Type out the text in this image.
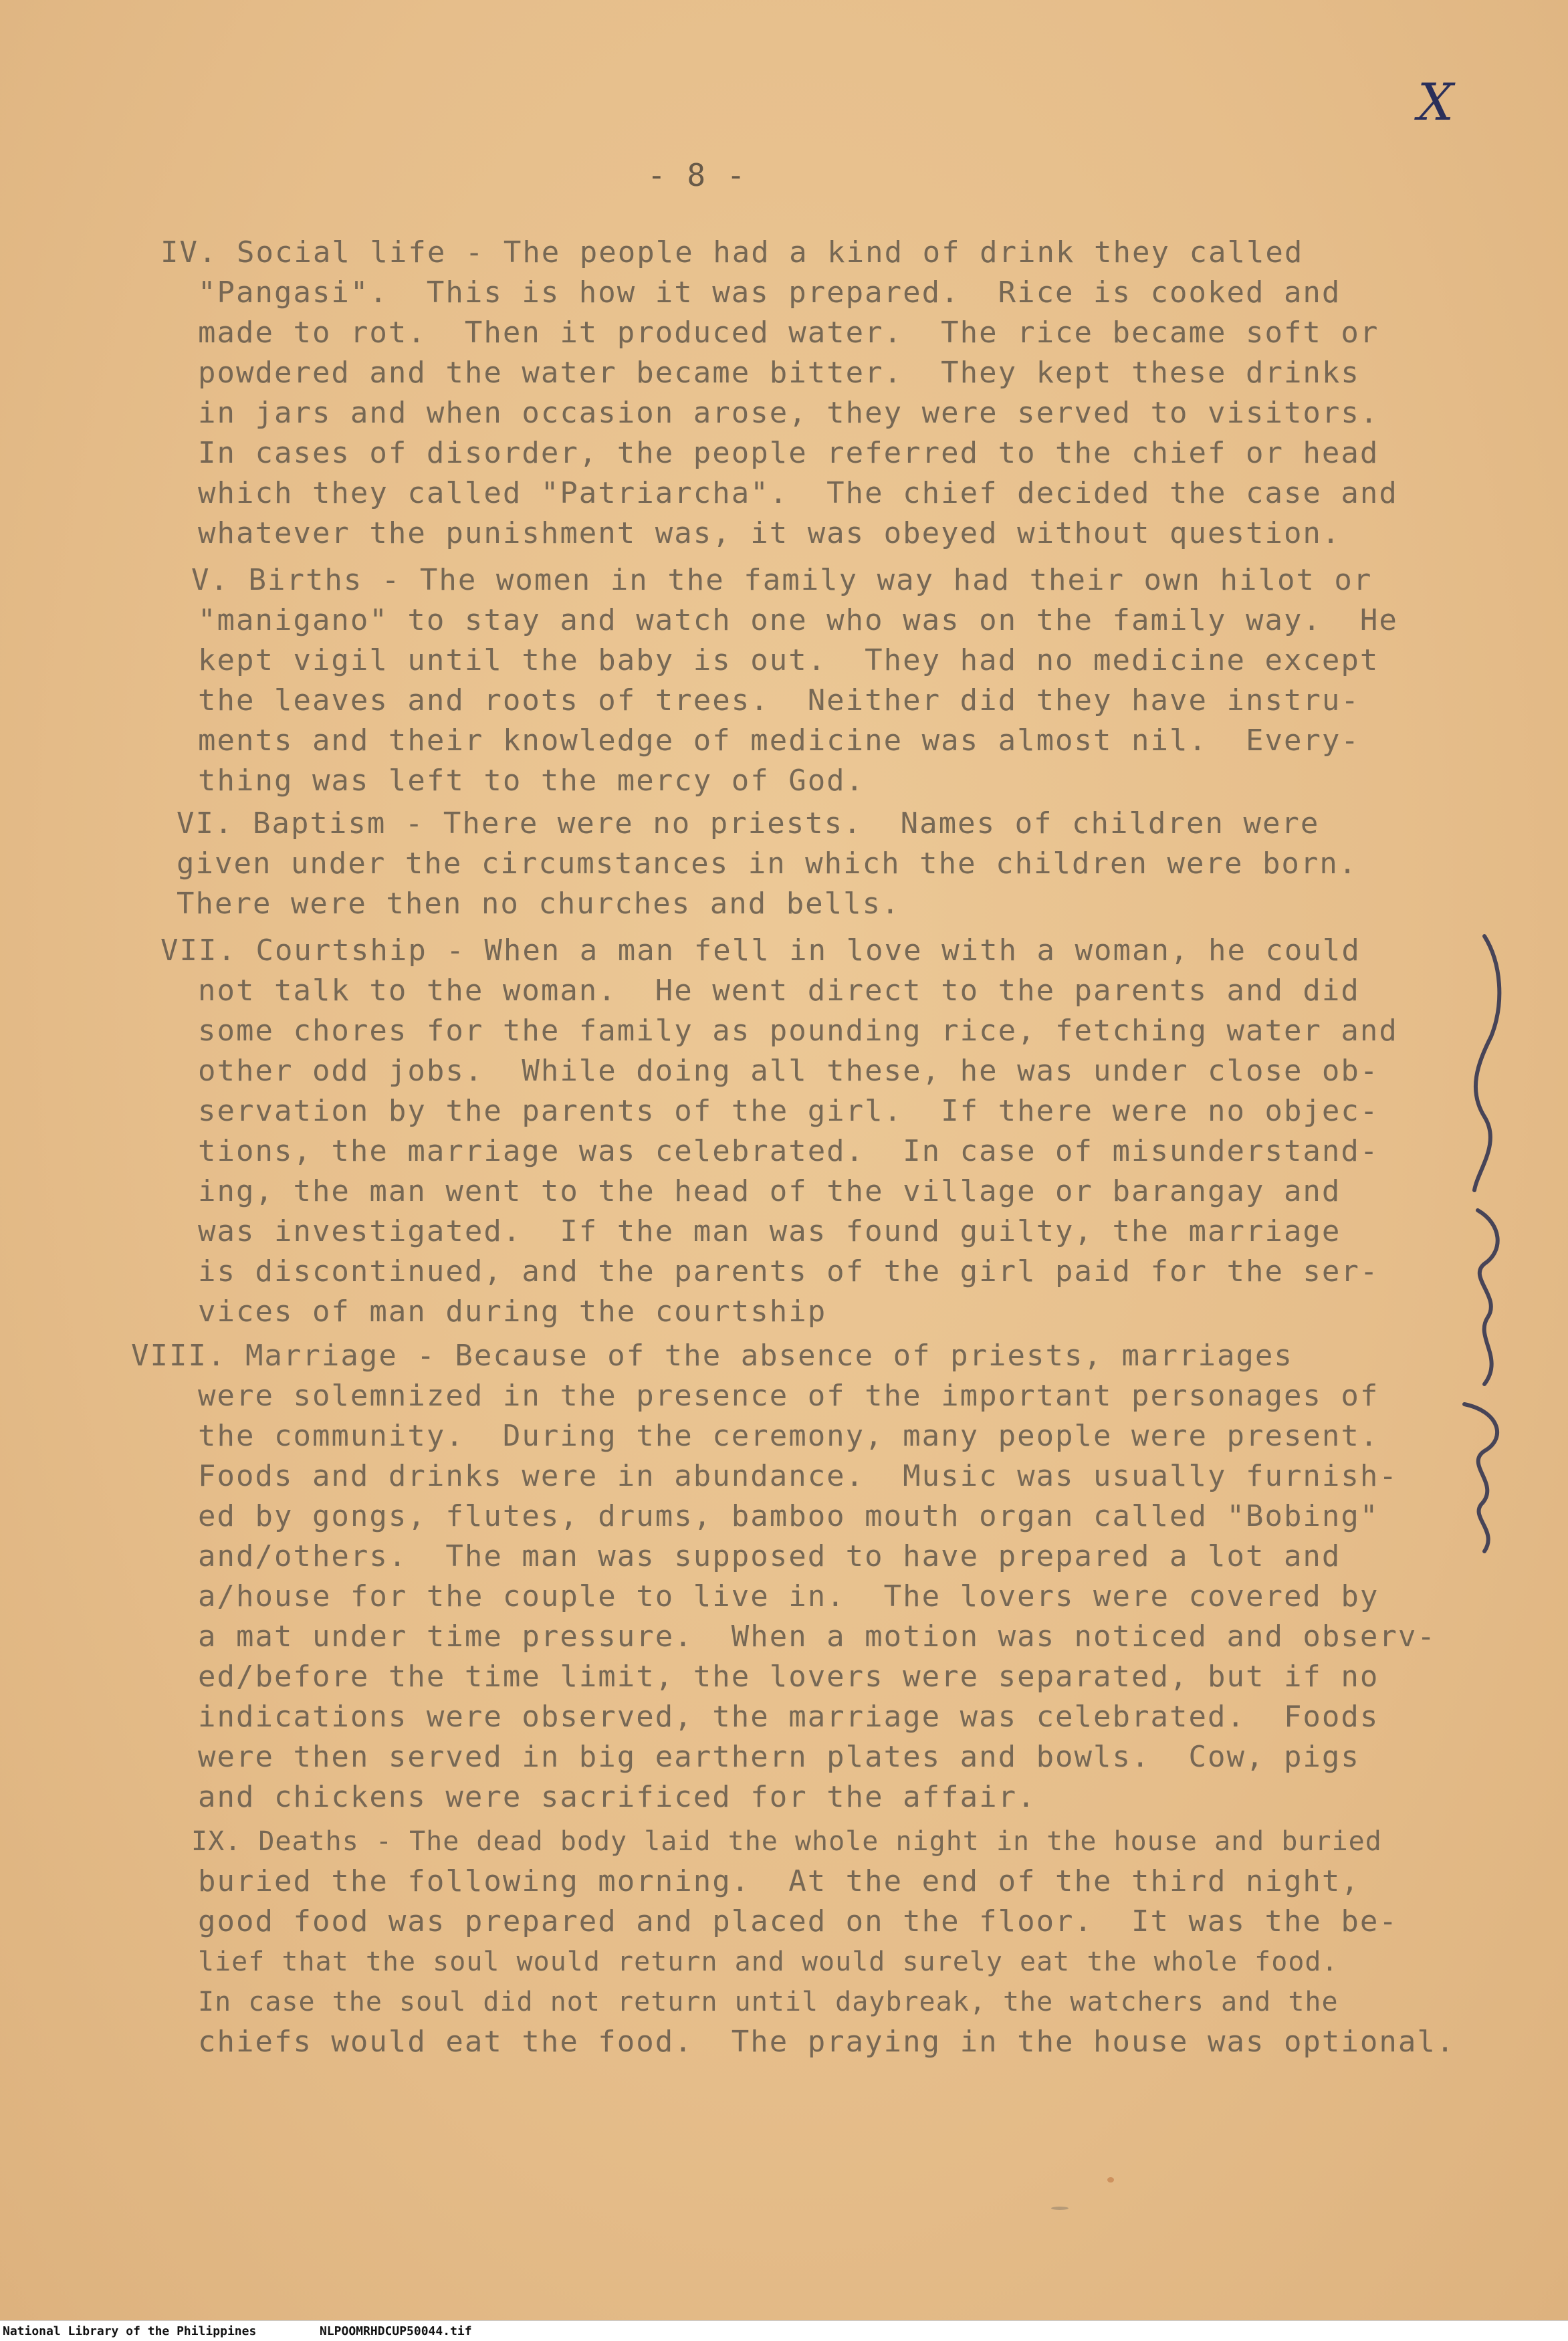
- 8 -
X
IV. Social life - The people had a kind of drink they called
"Pangasi".  This is how it was prepared.  Rice is cooked and
made to rot.  Then it produced water.  The rice became soft or
powdered and the water became bitter.  They kept these drinks
in jars and when occasion arose, they were served to visitors.
In cases of disorder, the people referred to the chief or head
which they called "Patriarcha".  The chief decided the case and
whatever the punishment was, it was obeyed without question.
V. Births - The women in the family way had their own hilot or
"manigano" to stay and watch one who was on the family way.  He
kept vigil until the baby is out.  They had no medicine except
the leaves and roots of trees.  Neither did they have instru-
ments and their knowledge of medicine was almost nil.  Every-
thing was left to the mercy of God.
VI. Baptism - There were no priests.  Names of children were
given under the circumstances in which the children were born.
There were then no churches and bells.
VII. Courtship - When a man fell in love with a woman, he could
not talk to the woman.  He went direct to the parents and did
some chores for the family as pounding rice, fetching water and
other odd jobs.  While doing all these, he was under close ob-
servation by the parents of the girl.  If there were no objec-
tions, the marriage was celebrated.  In case of misunderstand-
ing, the man went to the head of the village or barangay and
was investigated.  If the man was found guilty, the marriage
is discontinued, and the parents of the girl paid for the ser-
vices of man during the courtship
VIII. Marriage - Because of the absence of priests, marriages
were solemnized in the presence of the important personages of
the community.  During the ceremony, many people were present.
Foods and drinks were in abundance.  Music was usually furnish-
ed by gongs, flutes, drums, bamboo mouth organ called "Bobing"
and/others.  The man was supposed to have prepared a lot and
a/house for the couple to live in.  The lovers were covered by
a mat under time pressure.  When a motion was noticed and observ-
ed/before the time limit, the lovers were separated, but if no
indications were observed, the marriage was celebrated.  Foods
were then served in big earthern plates and bowls.  Cow, pigs
and chickens were sacrificed for the affair.
IX. Deaths - The dead body laid the whole night in the house and buried
buried the following morning.  At the end of the third night,
good food was prepared and placed on the floor.  It was the be-
lief that the soul would return and would surely eat the whole food.
In case the soul did not return until daybreak, the watchers and the
chiefs would eat the food.  The praying in the house was optional.
National Library of the Philippines	NLPOOMRHDCUP50044.tif
